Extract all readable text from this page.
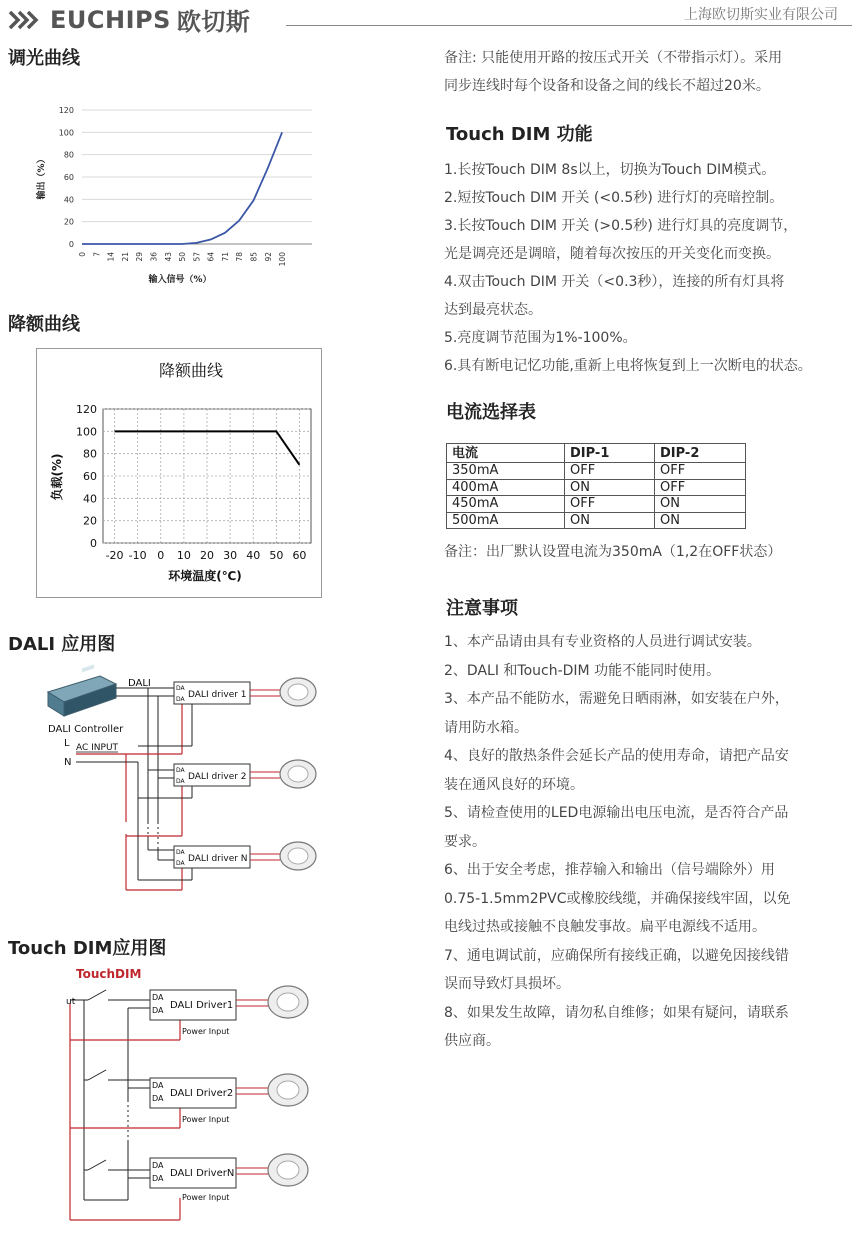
EUCHIPS 欧切斯	上海欧切斯实业有限公司
调光曲线
0
20
40
60
80
100
120
0 7 14 21 29 36 43 50 57 64 71 78 85 92 100
输入信号（%）
输出（%）
降额曲线
降额曲线
0
20
40
60
80
100
120
-20 -10 0 10 20 30 40 50 60
环境温度(℃)
负载(%)
DALI 应用图
DALI Controller
L
N
AC INPUT
DALI	DA
DA DALI driver 1
DA
DA DALI driver 2
DA
DA DALI driver N
Touch DIM应用图
TouchDIM
ut	DA
DA DALI Driver1
Power Input
DA
DA DALI Driver2
Power Input
DA
DA DALI DriverN
Power Input

备注: 只能使用开路的按压式开关（不带指示灯）。采用

同步连线时每个设备和设备之间的线长不超过20米。

Touch DIM 功能

1.长按Touch DIM 8s以上，切换为Touch DIM模式。

2.短按Touch DIM 开关 (<0.5秒) 进行灯的亮暗控制。

3.长按Touch DIM 开关 (>0.5秒) 进行灯具的亮度调节，

光是调亮还是调暗，随着每次按压的开关变化而变换。

4.双击Touch DIM 开关（<0.3秒），连接的所有灯具将

达到最亮状态。

5.亮度调节范围为1%-100%。

6.具有断电记忆功能,重新上电将恢复到上一次断电的状态。

电流选择表
电流	DIP-1	DIP-2
350mA	OFF	OFF
400mA	ON	OFF
450mA	OFF	ON
500mA	ON	ON

备注：出厂默认设置电流为350mA（1,2在OFF状态）

注意事项

1、本产品请由具有专业资格的人员进行调试安装。

2、DALI 和Touch-DIM 功能不能同时使用。

3、本产品不能防水，需避免日晒雨淋，如安装在户外，

请用防水箱。

4、良好的散热条件会延长产品的使用寿命，请把产品安

装在通风良好的环境。

5、请检查使用的LED电源输出电压电流，是否符合产品

要求。

6、出于安全考虑，推荐输入和输出（信号端除外）用

0.75-1.5mm2PVC或橡胶线缆，并确保接线牢固，以免

电线过热或接触不良触发事故。扁平电源线不适用。

7、通电调试前，应确保所有接线正确，以避免因接线错

误而导致灯具损坏。

8、如果发生故障，请勿私自维修；如果有疑问，请联系

供应商。
